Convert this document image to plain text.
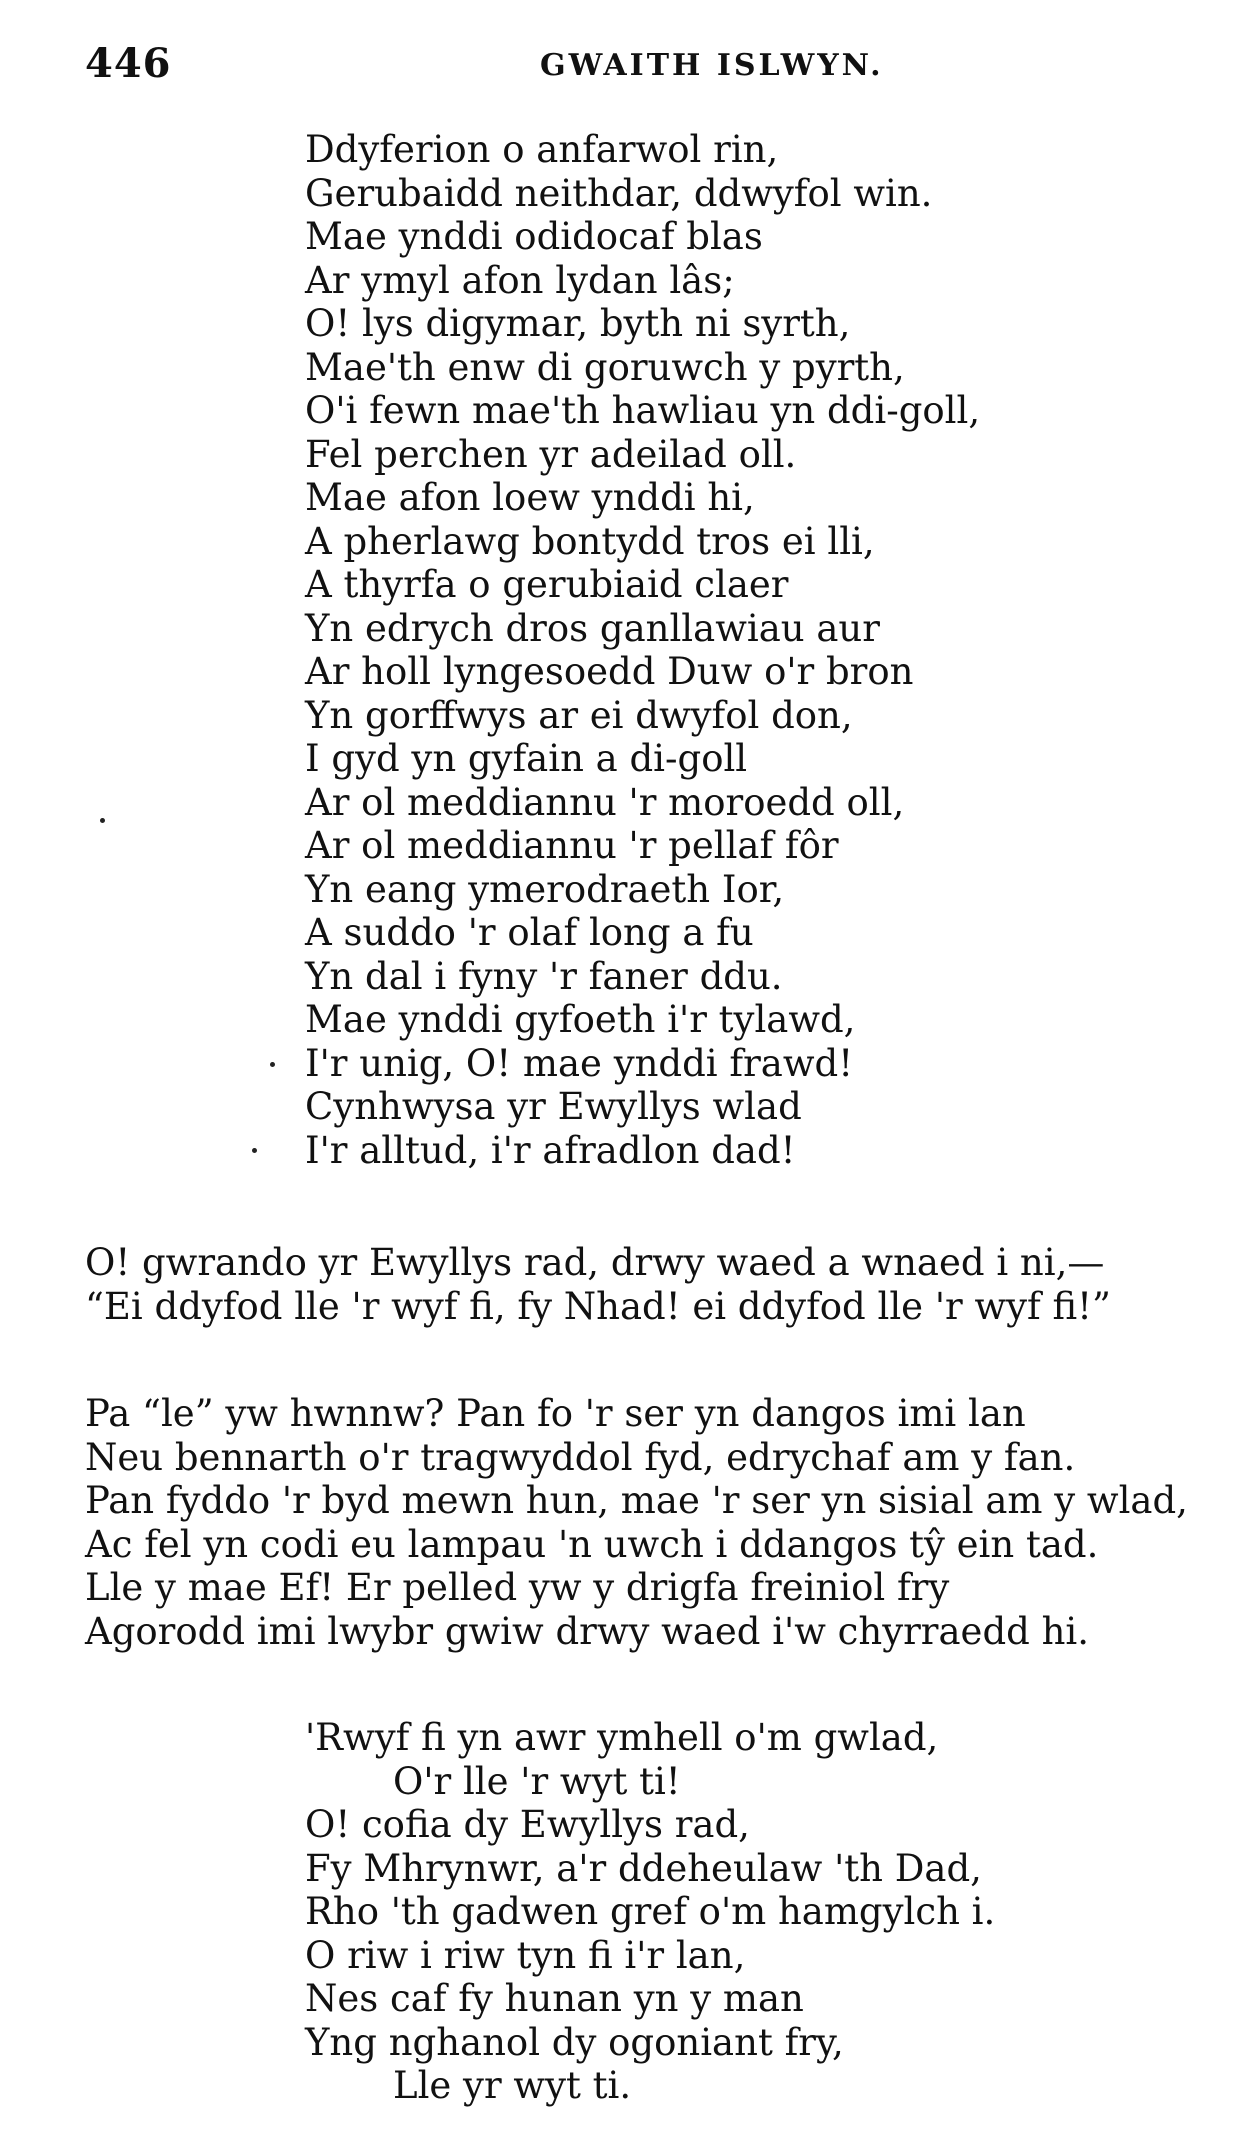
446	GWAITH ISLWYN.
Ddyferion o anfarwol rin,
Gerubaidd neithdar, ddwyfol win.
Mae ynddi odidocaf blas
Ar ymyl afon lydan lâs;
O! lys digymar, byth ni syrth,
Mae'th enw di goruwch y pyrth,
O'i fewn mae'th hawliau yn ddi-goll,
Fel perchen yr adeilad oll.
Mae afon loew ynddi hi,
A pherlawg bontydd tros ei lli,
A thyrfa o gerubiaid claer
Yn edrych dros ganllawiau aur
Ar holl lyngesoedd Duw o'r bron
Yn gorffwys ar ei dwyfol don,
I gyd yn gyfain a di-goll
Ar ol meddiannu 'r moroedd oll,
Ar ol meddiannu 'r pellaf fôr
Yn eang ymerodraeth Ior,
A suddo 'r olaf long a fu
Yn dal i fyny 'r faner ddu.
Mae ynddi gyfoeth i'r tylawd,
I'r unig, O! mae ynddi frawd!
Cynhwysa yr Ewyllys wlad
I'r alltud, i'r afradlon dad!
O! gwrando yr Ewyllys rad, drwy waed a wnaed i ni,—
“Ei ddyfod lle 'r wyf fi, fy Nhad! ei ddyfod lle 'r wyf fi!”
Pa “le” yw hwnnw? Pan fo 'r ser yn dangos imi lan
Neu bennarth o'r tragwyddol fyd, edrychaf am y fan.
Pan fyddo 'r byd mewn hun, mae 'r ser yn sisial am y wlad,
Ac fel yn codi eu lampau 'n uwch i ddangos tŷ ein tad.
Lle y mae Ef! Er pelled yw y drigfa freiniol fry
Agorodd imi lwybr gwiw drwy waed i'w chyrraedd hi.
'Rwyf fi yn awr ymhell o'm gwlad,
O'r lle 'r wyt ti!
O! cofia dy Ewyllys rad,
Fy Mhrynwr, a'r ddeheulaw 'th Dad,
Rho 'th gadwen gref o'm hamgylch i.
O riw i riw tyn fi i'r lan,
Nes caf fy hunan yn y man
Yng nghanol dy ogoniant fry,
Lle yr wyt ti.
